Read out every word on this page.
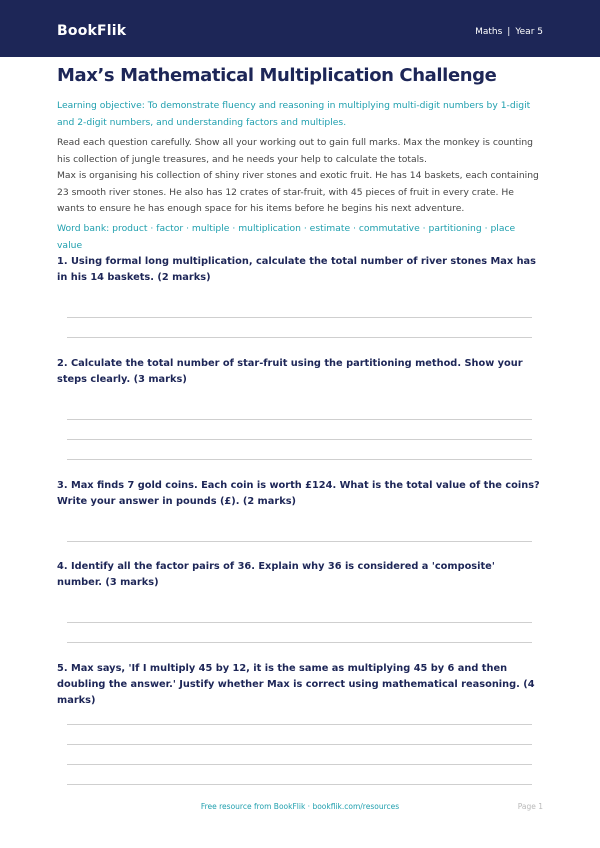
BookFlik	Maths | Year 5
Max’s Mathematical Multiplication Challenge

Learning objective: To demonstrate fluency and reasoning in multiplying multi-digit numbers by 1-digit and 2-digit numbers, and understanding factors and multiples.

Read each question carefully. Show all your working out to gain full marks. Max the monkey is counting his collection of jungle treasures, and he needs your help to calculate the totals.

Max is organising his collection of shiny river stones and exotic fruit. He has 14 baskets, each containing 23 smooth river stones. He also has 12 crates of star-fruit, with 45 pieces of fruit in every crate. He wants to ensure he has enough space for his items before he begins his next adventure.

Word bank: product · factor · multiple · multiplication · estimate · commutative · partitioning · place value

1. Using formal long multiplication, calculate the total number of river stones Max has in his 14 baskets. (2 marks)

2. Calculate the total number of star-fruit using the partitioning method. Show your steps clearly. (3 marks)

3. Max finds 7 gold coins. Each coin is worth £124. What is the total value of the coins? Write your answer in pounds (£). (2 marks)

4. Identify all the factor pairs of 36. Explain why 36 is considered a 'composite' number. (3 marks)

5. Max says, 'If I multiply 45 by 12, it is the same as multiplying 45 by 6 and then doubling the answer.' Justify whether Max is correct using mathematical reasoning. (4 marks)

Free resource from BookFlik · bookflik.com/resources	Page 1
